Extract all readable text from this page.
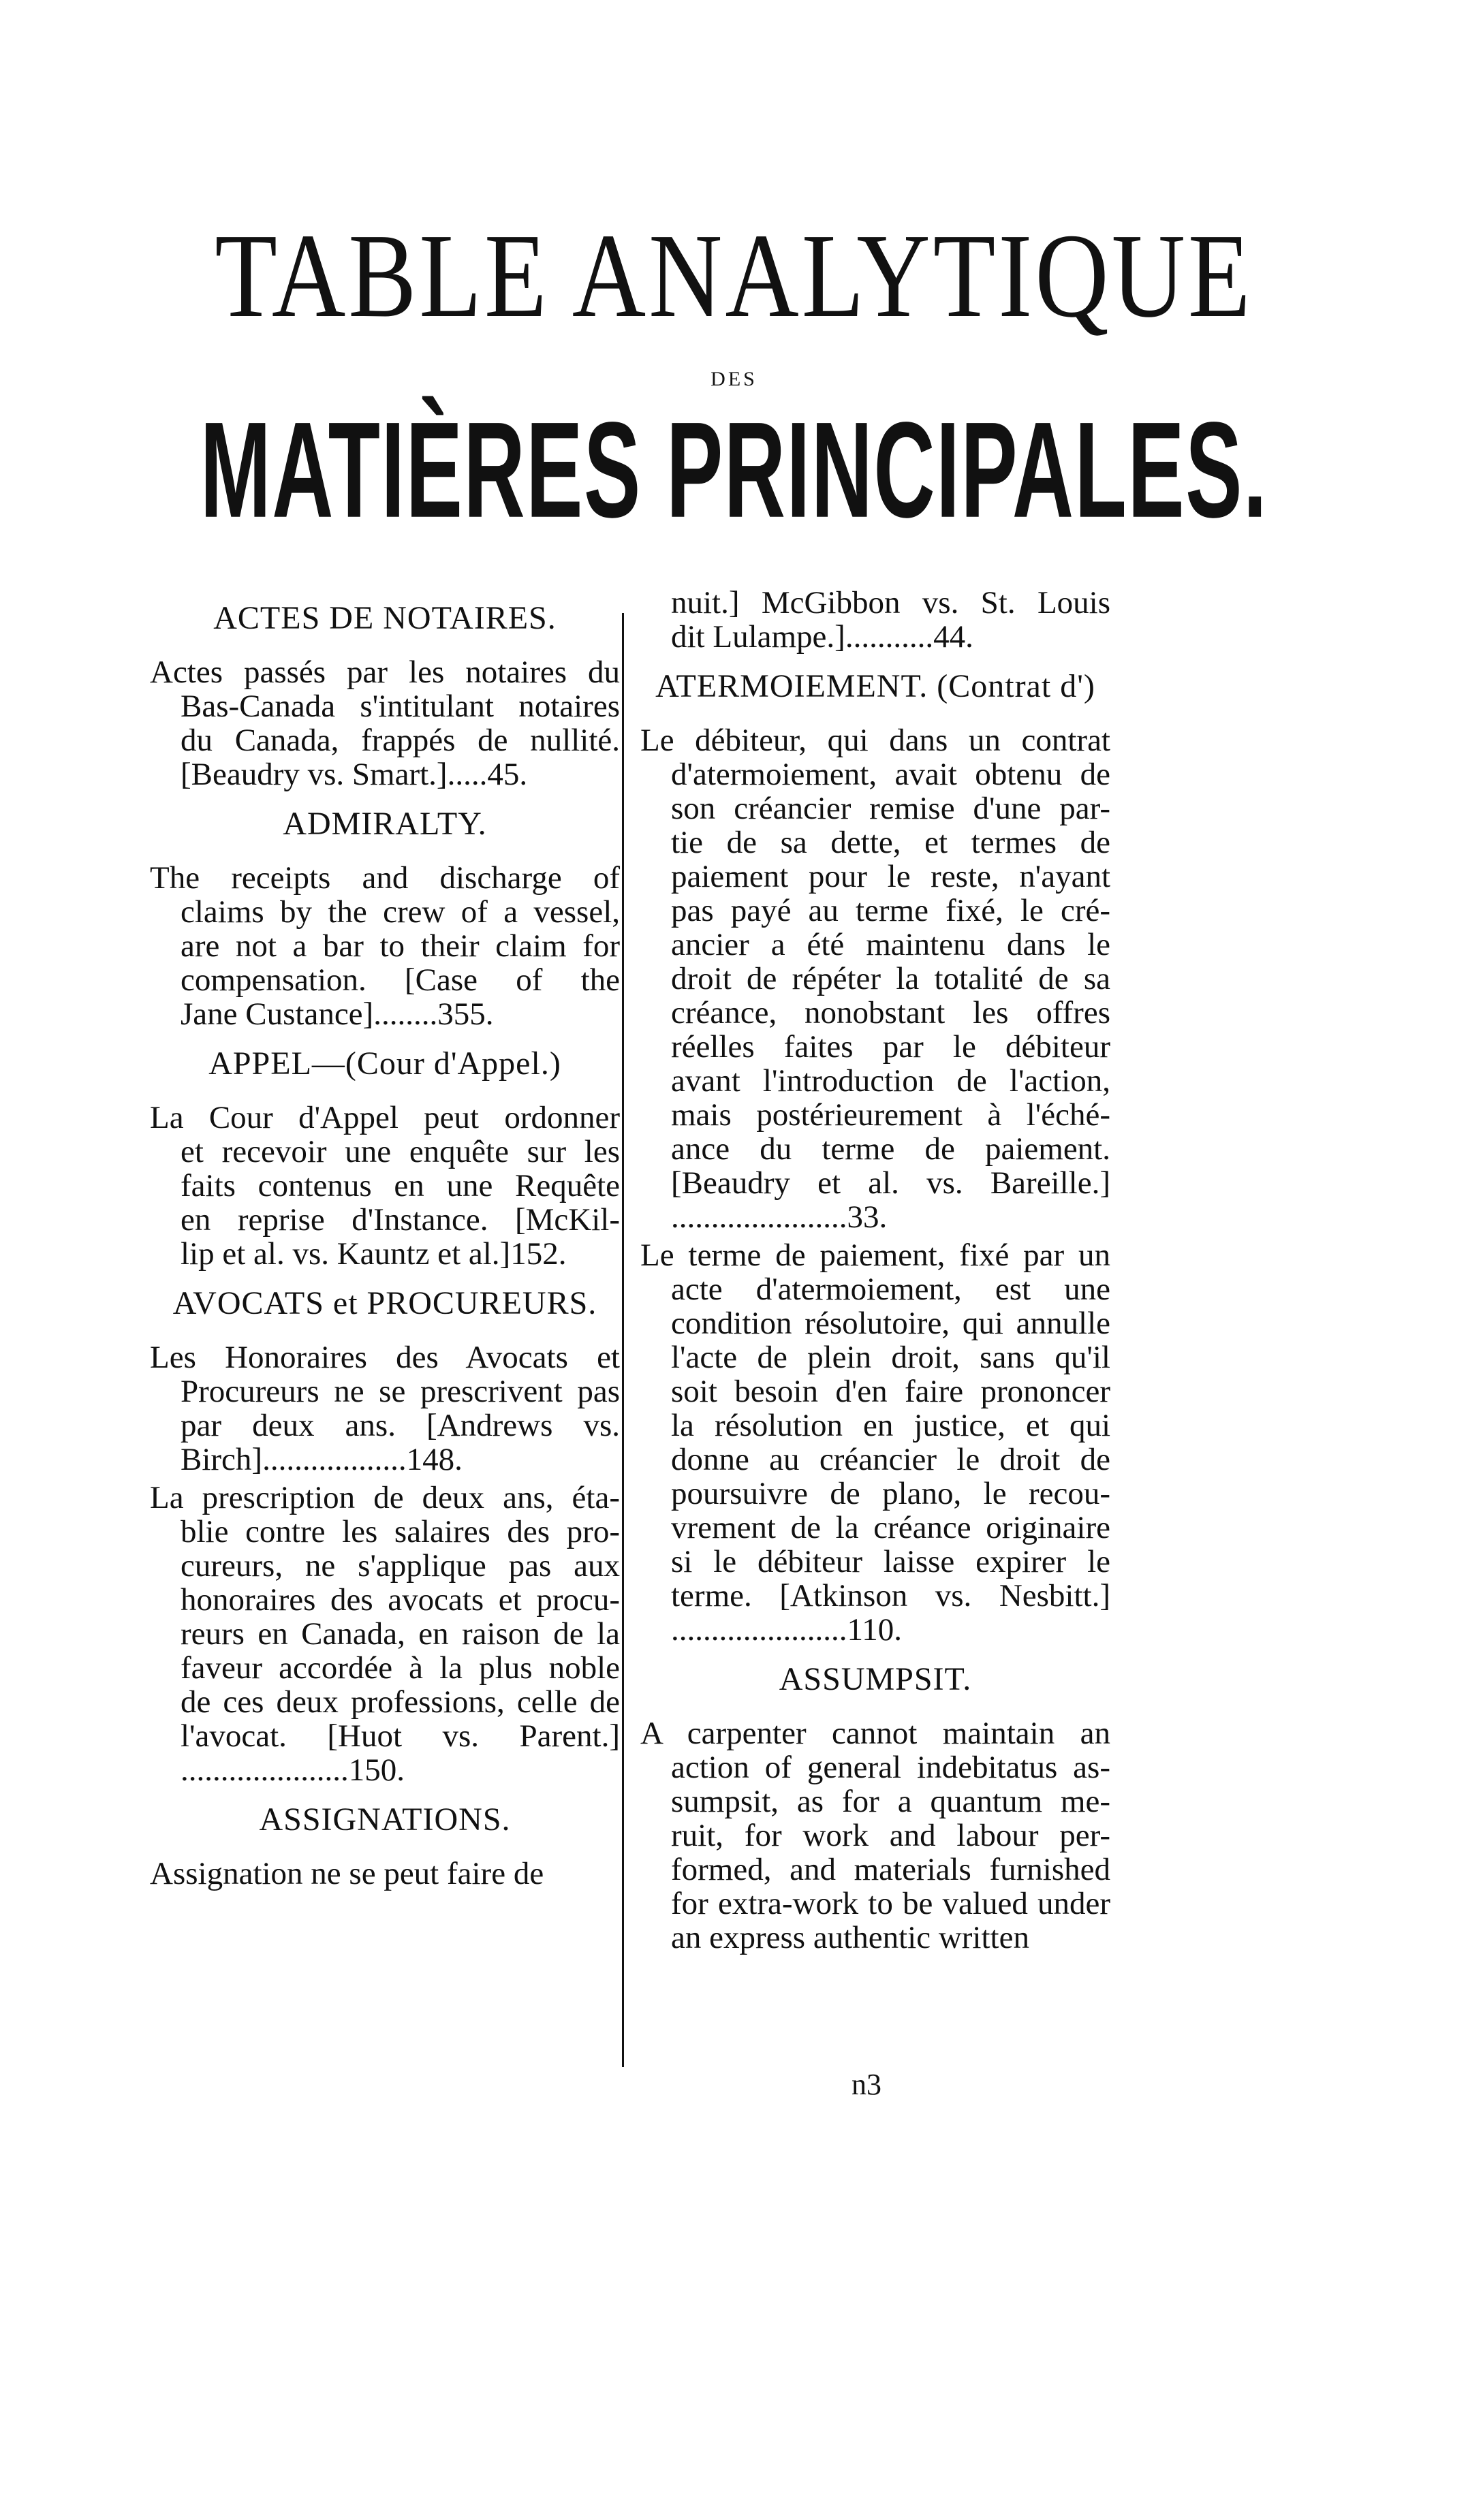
TABLE ANALYTIQUE
DES
MATIÈRES PRINCIPALES.
ACTES DE NOTAIRES.
Actes passés par les notaires du
Bas-Canada s'intitulant notaires
du Canada, frappés de nullité.
[Beaudry vs. Smart.].....45.
ADMIRALTY.
The receipts and discharge of
claims by the crew of a vessel,
are not a bar to their claim for
compensation. [Case of the
Jane Custance]........355.
APPEL—(Cour d'Appel.)
La Cour d'Appel peut ordonner
et recevoir une enquête sur les
faits contenus en une Requête
en reprise d'Instance. [McKil-
lip et al. vs. Kauntz et al.]152.
AVOCATS et PROCUREURS.
Les Honoraires des Avocats et
Procureurs ne se prescrivent pas
par deux ans. [Andrews vs.
Birch]..................148.
La prescription de deux ans, éta-
blie contre les salaires des pro-
cureurs, ne s'applique pas aux
honoraires des avocats et procu-
reurs en Canada, en raison de la
faveur accordée à la plus noble
de ces deux professions, celle de
l'avocat. [Huot vs. Parent.]
.....................150.
ASSIGNATIONS.
Assignation ne se peut faire de
nuit.] McGibbon vs. St. Louis
dit Lulampe.]...........44.
ATERMOIEMENT. (Contrat d')
Le débiteur, qui dans un contrat
d'atermoiement, avait obtenu de
son créancier remise d'une par-
tie de sa dette, et termes de
paiement pour le reste, n'ayant
pas payé au terme fixé, le cré-
ancier a été maintenu dans le
droit de répéter la totalité de sa
créance, nonobstant les offres
réelles faites par le débiteur
avant l'introduction de l'action,
mais postérieurement à l'éché-
ance du terme de paiement.
[Beaudry et al. vs. Bareille.]
......................33.
Le terme de paiement, fixé par un
acte d'atermoiement, est une
condition résolutoire, qui annulle
l'acte de plein droit, sans qu'il
soit besoin d'en faire prononcer
la résolution en justice, et qui
donne au créancier le droit de
poursuivre de plano, le recou-
vrement de la créance originaire
si le débiteur laisse expirer le
terme. [Atkinson vs. Nesbitt.]
......................110.
ASSUMPSIT.
A carpenter cannot maintain an
action of general indebitatus as-
sumpsit, as for a quantum me-
ruit, for work and labour per-
formed, and materials furnished
for extra-work to be valued under
an express authentic written
n3
